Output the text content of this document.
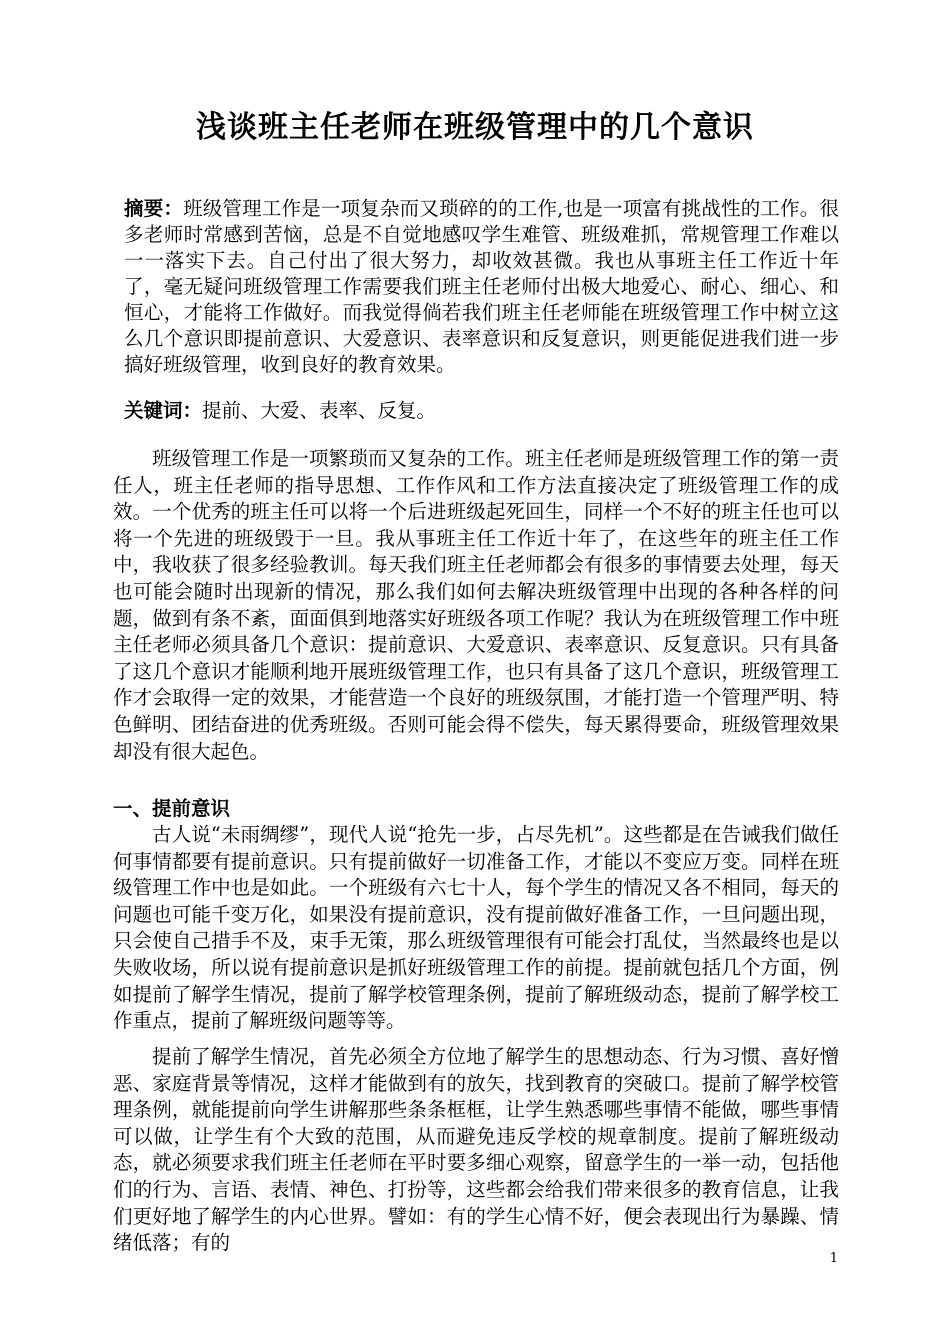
浅谈班主任老师在班级管理中的几个意识

摘要：班级管理工作是一项复杂而又琐碎的的工作,也是一项富有挑战性的工作。很多老师时常感到苦恼，总是不自觉地感叹学生难管、班级难抓，常规管理工作难以一一落实下去。自己付出了很大努力，却收效甚微。我也从事班主任工作近十年了，毫无疑问班级管理工作需要我们班主任老师付出极大地爱心、耐心、细心、和恒心，才能将工作做好。而我觉得倘若我们班主任老师能在班级管理工作中树立这么几个意识即提前意识、大爱意识、表率意识和反复意识，则更能促进我们进一步搞好班级管理，收到良好的教育效果。

关键词：提前、大爱、表率、反复。

班级管理工作是一项繁琐而又复杂的工作。班主任老师是班级管理工作的第一责任人，班主任老师的指导思想、工作作风和工作方法直接决定了班级管理工作的成效。一个优秀的班主任可以将一个后进班级起死回生，同样一个不好的班主任也可以将一个先进的班级毁于一旦。我从事班主任工作近十年了，在这些年的班主任工作中，我收获了很多经验教训。每天我们班主任老师都会有很多的事情要去处理，每天也可能会随时出现新的情况，那么我们如何去解决班级管理中出现的各种各样的问题，做到有条不紊，面面俱到地落实好班级各项工作呢？我认为在班级管理工作中班主任老师必须具备几个意识：提前意识、大爱意识、表率意识、反复意识。只有具备了这几个意识才能顺利地开展班级管理工作，也只有具备了这几个意识，班级管理工作才会取得一定的效果，才能营造一个良好的班级氛围，才能打造一个管理严明、特色鲜明、团结奋进的优秀班级。否则可能会得不偿失，每天累得要命，班级管理效果却没有很大起色。

一、提前意识

古人说“未雨绸缪”，现代人说“抢先一步，占尽先机”。这些都是在告诫我们做任何事情都要有提前意识。只有提前做好一切准备工作，才能以不变应万变。同样在班级管理工作中也是如此。一个班级有六七十人，每个学生的情况又各不相同，每天的问题也可能千变万化，如果没有提前意识，没有提前做好准备工作，一旦问题出现，只会使自己措手不及，束手无策，那么班级管理很有可能会打乱仗，当然最终也是以失败收场，所以说有提前意识是抓好班级管理工作的前提。提前就包括几个方面，例如提前了解学生情况，提前了解学校管理条例，提前了解班级动态，提前了解学校工作重点，提前了解班级问题等等。

提前了解学生情况，首先必须全方位地了解学生的思想动态、行为习惯、喜好憎恶、家庭背景等情况，这样才能做到有的放矢，找到教育的突破口。提前了解学校管理条例，就能提前向学生讲解那些条条框框，让学生熟悉哪些事情不能做，哪些事情可以做，让学生有个大致的范围，从而避免违反学校的规章制度。提前了解班级动态，就必须要求我们班主任老师在平时要多细心观察，留意学生的一举一动，包括他们的行为、言语、表情、神色、打扮等，这些都会给我们带来很多的教育信息，让我们更好地了解学生的内心世界。譬如：有的学生心情不好，便会表现出行为暴躁、情绪低落；有的

1
